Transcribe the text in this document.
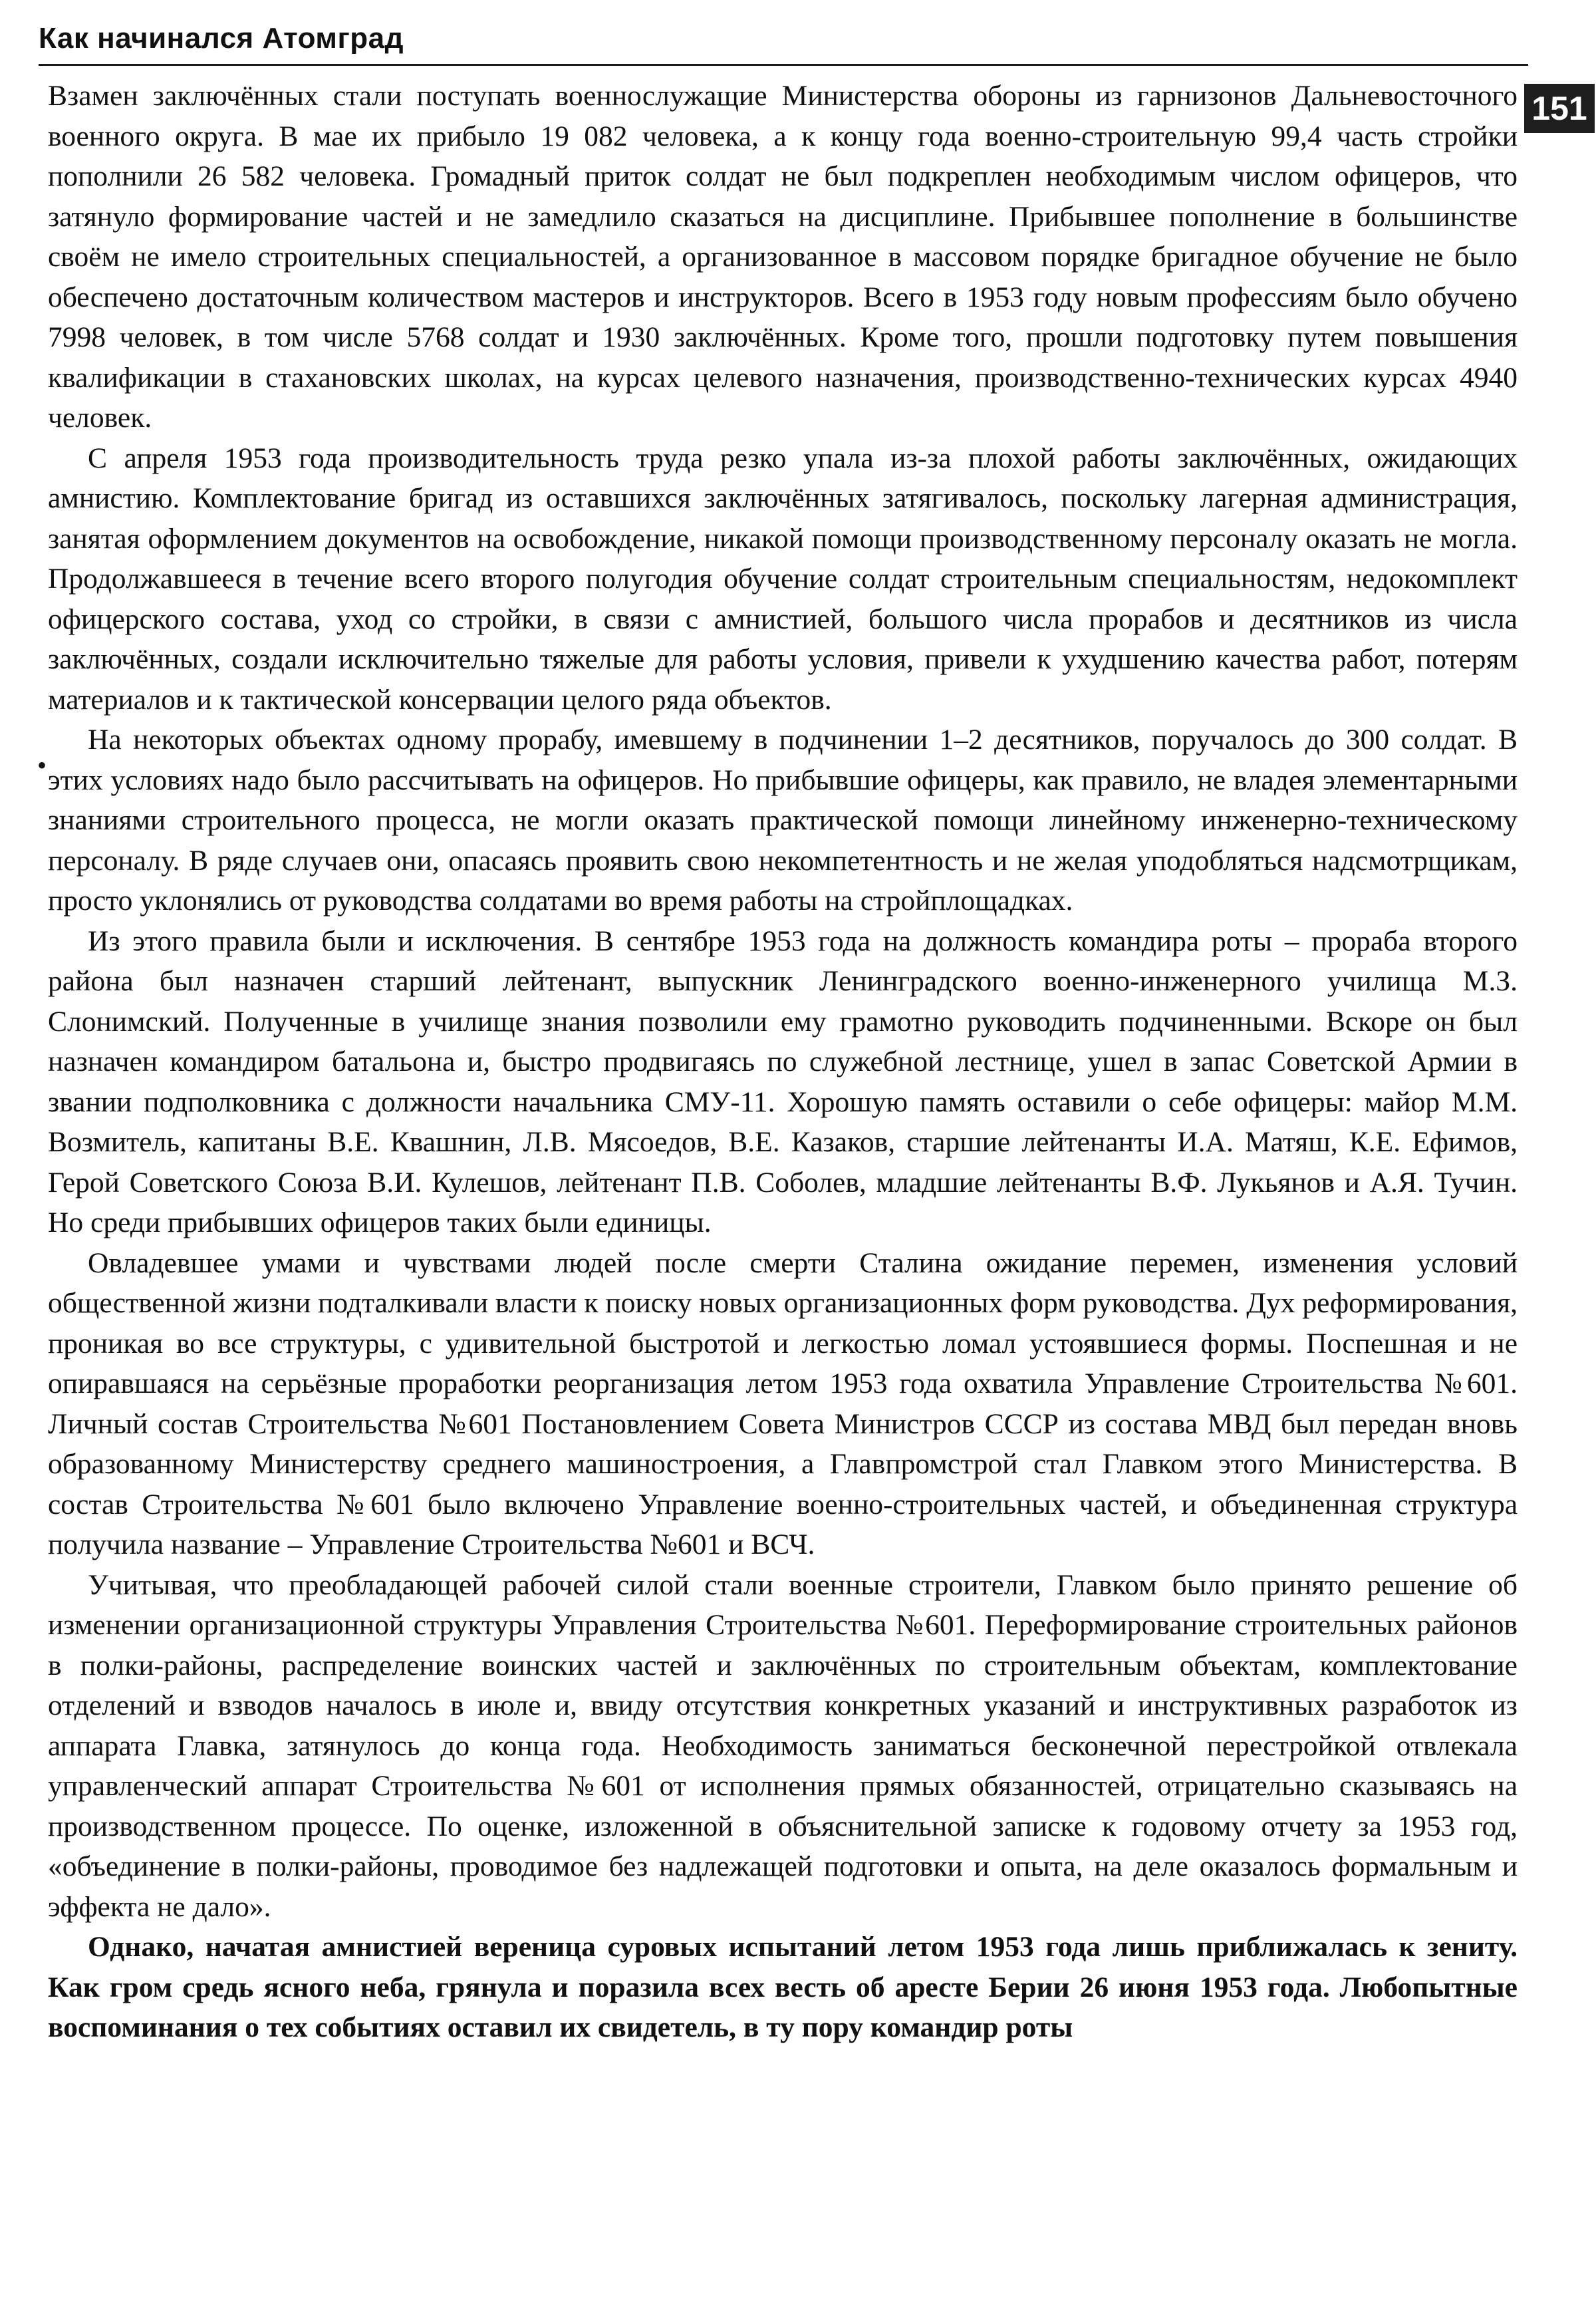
Как начинался Атомград
151
•

Взамен заключённых стали поступать военнослужащие Министерства обороны из гарнизонов Дальневосточного военного округа. В мае их прибыло 19 082 человека, а к концу года военно-строительную 99,4 часть стройки пополнили 26 582 человека. Громадный приток солдат не был подкреплен необходимым числом офицеров, что затянуло формирование частей и не замедлило сказаться на дисциплине. Прибывшее пополнение в большинстве своём не имело строительных специальностей, а организованное в массовом порядке бригадное обучение не было обеспечено достаточным количеством мастеров и инструкторов. Всего в 1953 году новым профессиям было обучено 7998 человек, в том числе 5768 солдат и 1930 заключённых. Кроме того, прошли подготовку путем повышения квалификации в стахановских школах, на курсах целевого назначения, производственно-технических курсах 4940 человек.

С апреля 1953 года производительность труда резко упала из-за плохой работы заключённых, ожидающих амнистию. Комплектование бригад из оставшихся заключённых затягивалось, поскольку лагерная администрация, занятая оформлением документов на освобождение, никакой помощи производственному персоналу оказать не могла. Продолжавшееся в течение всего второго полугодия обучение солдат строительным специальностям, недокомплект офицерского состава, уход со стройки, в связи с амнистией, большого числа прорабов и десятников из числа заключённых, создали исключительно тяжелые для работы условия, привели к ухудшению качества работ, потерям материалов и к тактической консервации целого ряда объектов.

На некоторых объектах одному прорабу, имевшему в подчинении 1–2 десятников, поручалось до 300 солдат. В этих условиях надо было рассчитывать на офицеров. Но прибывшие офицеры, как правило, не владея элементарными знаниями строительного процесса, не могли оказать практической помощи линейному инженерно-техническому персоналу. В ряде случаев они, опасаясь проявить свою некомпетентность и не желая уподобляться надсмотрщикам, просто уклонялись от руководства солдатами во время работы на стройплощадках.

Из этого правила были и исключения. В сентябре 1953 года на должность командира роты – прораба второго района был назначен старший лейтенант, выпускник Ленинградского военно-инженерного училища М.З. Слонимский. Полученные в училище знания позволили ему грамотно руководить подчиненными. Вскоре он был назначен командиром батальона и, быстро продвигаясь по служебной лестнице, ушел в запас Советской Армии в звании подполковника с должности начальника СМУ-11. Хорошую память оставили о себе офицеры: майор М.М. Возмитель, капитаны В.Е. Квашнин, Л.В. Мясоедов, В.Е. Казаков, старшие лейтенанты И.А. Матяш, К.Е. Ефимов, Герой Советского Союза В.И. Кулешов, лейтенант П.В. Соболев, младшие лейтенанты В.Ф. Лукьянов и А.Я. Тучин. Но среди прибывших офицеров таких были единицы.

Овладевшее умами и чувствами людей после смерти Сталина ожидание перемен, изменения условий общественной жизни подталкивали власти к поиску новых организационных форм руководства. Дух реформирования, проникая во все структуры, с удивительной быстротой и легкостью ломал устоявшиеся формы. Поспешная и не опиравшаяся на серьёзные проработки реорганизация летом 1953 года охватила Управление Строительства №601. Личный состав Строительства №601 Постановлением Совета Министров СССР из состава МВД был передан вновь образованному Министерству среднего машиностроения, а Главпромстрой стал Главком этого Министерства. В состав Строительства №601 было включено Управление военно-строительных частей, и объединенная структура получила название – Управление Строительства №601 и ВСЧ.

Учитывая, что преобладающей рабочей силой стали военные строители, Главком было принято решение об изменении организационной структуры Управления Строительства №601. Переформирование строительных районов в полки-районы, распределение воинских частей и заключённых по строительным объектам, комплектование отделений и взводов началось в июле и, ввиду отсутствия конкретных указаний и инструктивных разработок из аппарата Главка, затянулось до конца года. Необходимость заниматься бесконечной перестройкой отвлекала управленческий аппарат Строительства №601 от исполнения прямых обязанностей, отрицательно сказываясь на производственном процессе. По оценке, изложенной в объяснительной записке к годовому отчету за 1953 год, «объединение в полки-районы, проводимое без надлежащей подготовки и опыта, на деле оказалось формальным и эффекта не дало».

Однако, начатая амнистией вереница суровых испытаний летом 1953 года лишь приближалась к зениту. Как гром средь ясного неба, грянула и поразила всех весть об аресте Берии 26 июня 1953 года. Любопытные воспоминания о тех событиях оставил их свидетель, в ту пору командир роты
